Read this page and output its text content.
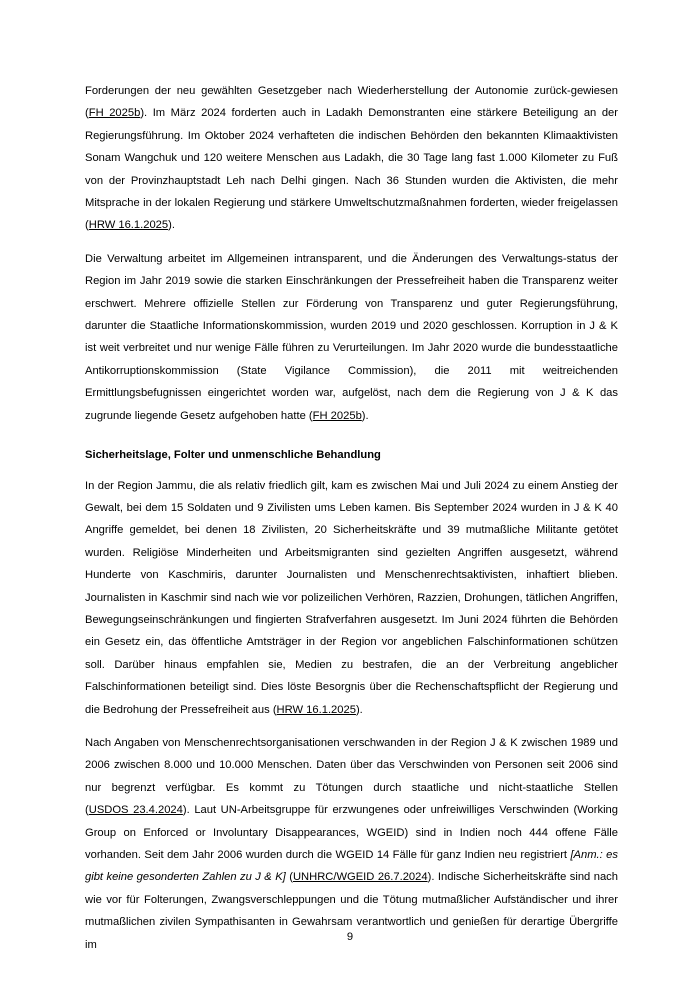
Forderungen der neu gewählten Gesetzgeber nach Wiederherstellung der Autonomie zurück-gewiesen (FH 2025b). Im März 2024 forderten auch in Ladakh Demonstranten eine stärkere Beteiligung an der Regierungsführung. Im Oktober 2024 verhafteten die indischen Behörden den bekannten Klimaaktivisten Sonam Wangchuk und 120 weitere Menschen aus Ladakh, die 30 Tage lang fast 1.000 Kilometer zu Fuß von der Provinzhauptstadt Leh nach Delhi gingen. Nach 36 Stunden wurden die Aktivisten, die mehr Mitsprache in der lokalen Regierung und stärkere Umweltschutzmaßnahmen forderten, wieder freigelassen (HRW 16.1.2025).

Die Verwaltung arbeitet im Allgemeinen intransparent, und die Änderungen des Verwaltungs-status der Region im Jahr 2019 sowie die starken Einschränkungen der Pressefreiheit haben die Transparenz weiter erschwert. Mehrere offizielle Stellen zur Förderung von Transparenz und guter Regierungsführung, darunter die Staatliche Informationskommission, wurden 2019 und 2020 geschlossen. Korruption in J & K ist weit verbreitet und nur wenige Fälle führen zu Verurteilungen. Im Jahr 2020 wurde die bundesstaatliche Antikorruptionskommission (State Vigilance Commission), die 2011 mit weitreichenden Ermittlungsbefugnissen eingerichtet worden war, aufgelöst, nach dem die Regierung von J & K das zugrunde liegende Gesetz aufgehoben hatte (FH 2025b).

Sicherheitslage, Folter und unmenschliche Behandlung

In der Region Jammu, die als relativ friedlich gilt, kam es zwischen Mai und Juli 2024 zu einem Anstieg der Gewalt, bei dem 15 Soldaten und 9 Zivilisten ums Leben kamen. Bis September 2024 wurden in J & K 40 Angriffe gemeldet, bei denen 18 Zivilisten, 20 Sicherheitskräfte und 39 mutmaßliche Militante getötet wurden. Religiöse Minderheiten und Arbeitsmigranten sind gezielten Angriffen ausgesetzt, während Hunderte von Kaschmiris, darunter Journalisten und Menschenrechtsaktivisten, inhaftiert blieben. Journalisten in Kaschmir sind nach wie vor polizeilichen Verhören, Razzien, Drohungen, tätlichen Angriffen, Bewegungseinschränkungen und fingierten Strafverfahren ausgesetzt. Im Juni 2024 führten die Behörden ein Gesetz ein, das öffentliche Amtsträger in der Region vor angeblichen Falschinformationen schützen soll. Darüber hinaus empfahlen sie, Medien zu bestrafen, die an der Verbreitung angeblicher Falschinformationen beteiligt sind. Dies löste Besorgnis über die Rechenschaftspflicht der Regierung und die Bedrohung der Pressefreiheit aus (HRW 16.1.2025).

Nach Angaben von Menschenrechtsorganisationen verschwanden in der Region J & K zwischen 1989 und 2006 zwischen 8.000 und 10.000 Menschen. Daten über das Verschwinden von Personen seit 2006 sind nur begrenzt verfügbar. Es kommt zu Tötungen durch staatliche und nicht-staatliche Stellen (USDOS 23.4.2024). Laut UN-Arbeitsgruppe für erzwungenes oder unfreiwilliges Verschwinden (Working Group on Enforced or Involuntary Disappearances, WGEID) sind in Indien noch 444 offene Fälle vorhanden. Seit dem Jahr 2006 wurden durch die WGEID 14 Fälle für ganz Indien neu registriert [Anm.: es gibt keine gesonderten Zahlen zu J & K] (UNHRC/WGEID 26.7.2024). Indische Sicherheitskräfte sind nach wie vor für Folterungen, Zwangsverschleppungen und die Tötung mutmaßlicher Aufständischer und ihrer mutmaßlichen zivilen Sympathisanten in Gewahrsam verantwortlich und genießen für derartige Übergriffe im

9
